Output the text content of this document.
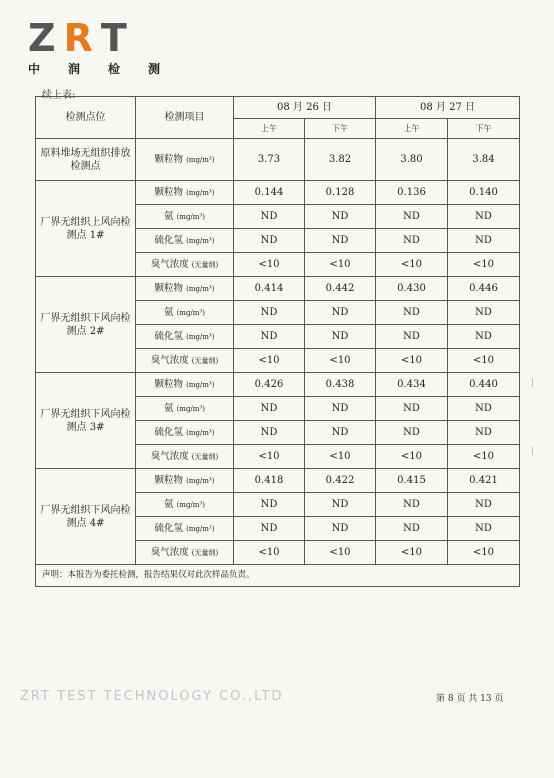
Z R T
中 润 检 测
续上表:
检测点位	检测项目	08 月 26 日		08 月 27 日	
		上午	下午	上午	下午
原料堆场无组织排放检测点	颗粒物 (mg/m³)	3.73	3.82	3.80	3.84
厂界无组织上风向检测点 1#	颗粒物 (mg/m³)	0.144	0.128	0.136	0.140
	氨 (mg/m³)	ND	ND	ND	ND
	硫化氢 (mg/m³)	ND	ND	ND	ND
	臭气浓度 (无量纲)	<10	<10	<10	<10
厂界无组织下风向检测点 2#	颗粒物 (mg/m³)	0.414	0.442	0.430	0.446
	氨 (mg/m³)	ND	ND	ND	ND
	硫化氢 (mg/m³)	ND	ND	ND	ND
	臭气浓度 (无量纲)	<10	<10	<10	<10
厂界无组织下风向检测点 3#	颗粒物 (mg/m³)	0.426	0.438	0.434	0.440
	氨 (mg/m³)	ND	ND	ND	ND
	硫化氢 (mg/m³)	ND	ND	ND	ND
	臭气浓度 (无量纲)	<10	<10	<10	<10
厂界无组织下风向检测点 4#	颗粒物 (mg/m³)	0.418	0.422	0.415	0.421
	氨 (mg/m³)	ND	ND	ND	ND
	硫化氢 (mg/m²)	ND	ND	ND	ND
	臭气浓度 (无量纲)	<10	<10	<10	<10
声明：本报告为委托检测，报告结果仅对此次样品负责。					
ZRT TEST TECHNOLOGY CO.,LTD	第 8 页 共 13 页
|
|
